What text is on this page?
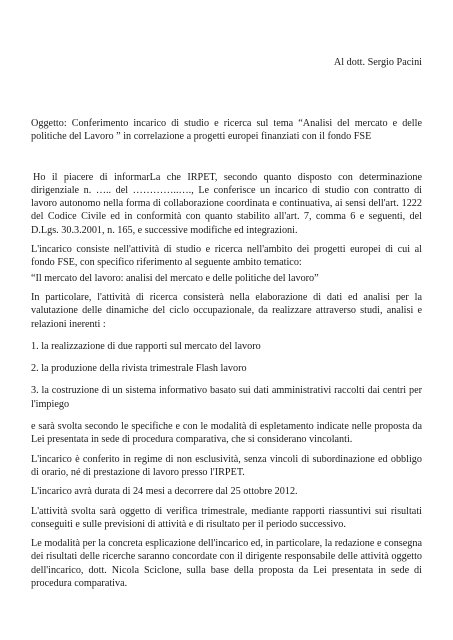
Al dott. Sergio Pacini

Oggetto: Conferimento incarico di studio e ricerca sul tema “Analisi del mercato e delle politiche del Lavoro ” in correlazione a progetti europei finanziati con il fondo FSE

Ho il piacere di informarLa che IRPET, secondo quanto disposto con determinazione dirigenziale n. ….. del …………..…., Le conferisce un incarico di studio con contratto di lavoro autonomo nella forma di collaborazione coordinata e continuativa, ai sensi dell'art. 1222 del Codice Civile ed in conformità con quanto stabilito all'art. 7, comma 6 e seguenti, del D.Lgs. 30.3.2001, n. 165, e successive modifiche ed integrazioni.

L'incarico consiste nell'attività di studio e ricerca nell'ambito dei progetti europei di cui al fondo FSE, con specifico riferimento al seguente ambito tematico:

“Il mercato del lavoro: analisi del mercato e delle politiche del lavoro”

In particolare, l'attività di ricerca consisterà nella elaborazione di dati ed analisi per la valutazione delle dinamiche del ciclo occupazionale, da realizzare attraverso studi, analisi e relazioni inerenti :

1. la realizzazione di due rapporti sul mercato del lavoro

2. la produzione della rivista trimestrale Flash lavoro

3. la costruzione di un sistema informativo basato sui dati amministrativi raccolti dai centri per l'impiego

e sarà svolta secondo le specifiche e con le modalità di espletamento indicate nelle proposta da Lei presentata in sede di procedura comparativa, che si considerano vincolanti.

L'incarico è conferito in regime di non esclusività, senza vincoli di subordinazione ed obbligo di orario, né di prestazione di lavoro presso l'IRPET.

L'incarico avrà durata di 24 mesi a decorrere dal 25 ottobre 2012.

L'attività svolta sarà oggetto di verifica trimestrale, mediante rapporti riassuntivi sui risultati conseguiti e sulle previsioni di attività e di risultato per il periodo successivo.

Le modalità per la concreta esplicazione dell'incarico ed, in particolare, la redazione e consegna dei risultati delle ricerche saranno concordate con il dirigente responsabile delle attività oggetto dell'incarico, dott. Nicola Sciclone, sulla base della proposta da Lei presentata in sede di procedura comparativa.
